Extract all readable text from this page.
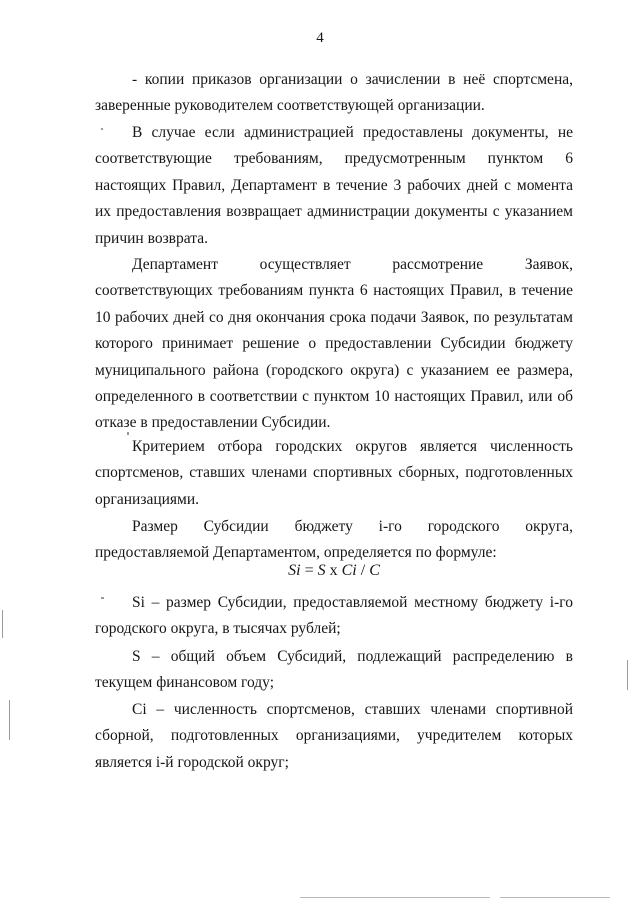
4

- копии приказов организации о зачислении в неё спортсмена, заверенные руководителем соответствующей организации.

В случае если администрацией предоставлены документы, не соответствующие требованиям, предусмотренным пунктом 6 настоящих Правил, Департамент в течение 3 рабочих дней с момента их предоставления возвращает администрации документы с указанием причин возврата.

Департамент осуществляет рассмотрение Заявок, соответствующих требованиям пункта 6 настоящих Правил, в течение 10 рабочих дней со дня окончания срока подачи Заявок, по результатам которого принимает решение о предоставлении Субсидии бюджету муниципального района (городского округа) с указанием ее размера, определенного в соответствии с пунктом 10 настоящих Правил, или об отказе в предоставлении Субсидии.

Критерием отбора городских округов является численность спортсменов, ставших членами спортивных сборных, подготовленных организациями.

Размер Субсидии бюджету i-го городского округа, предоставляемой Департаментом, определяется по формуле:

Si = S x Ci / C

Si – размер Субсидии, предоставляемой местному бюджету i-го городского округа, в тысячах рублей;

S – общий объем Субсидий, подлежащий распределению в текущем финансовом году;

Ci – численность спортсменов, ставших членами спортивной сборной, подготовленных организациями, учредителем которых является i-й городской округ;
